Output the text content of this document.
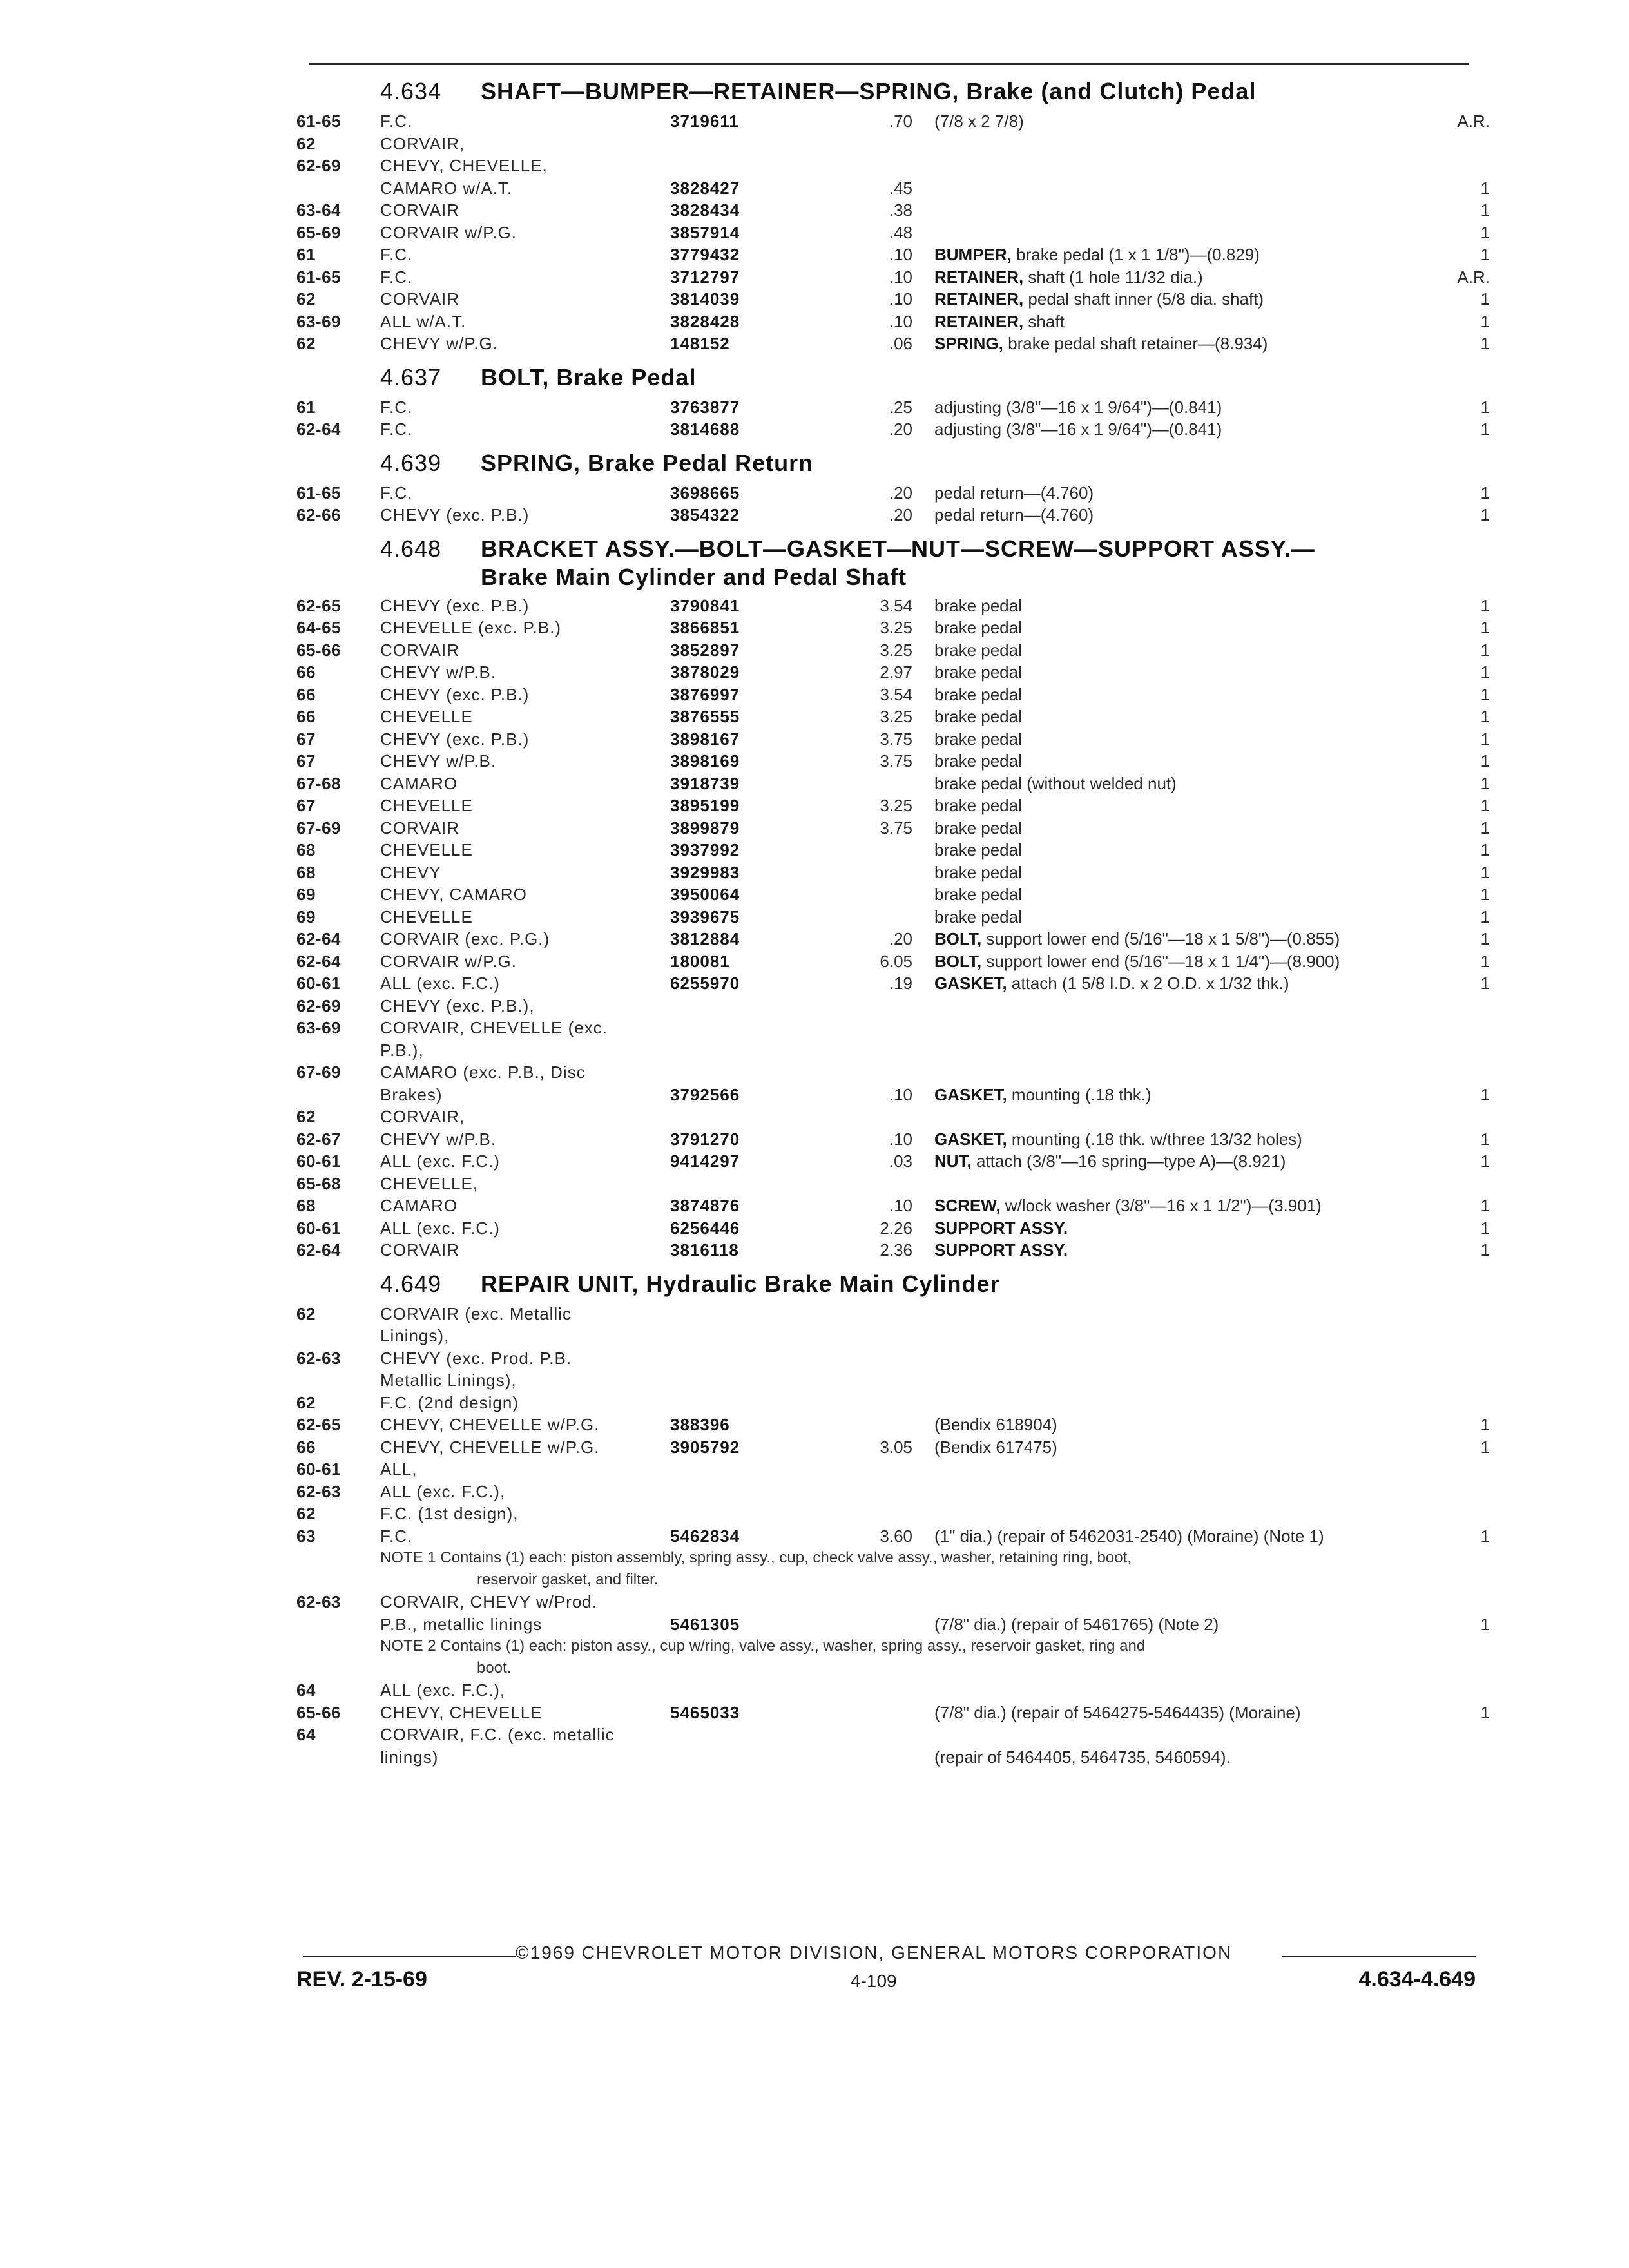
4.634 SHAFT—BUMPER—RETAINER—SPRING, Brake (and Clutch) Pedal
61-65 F.C.	3719611	.70 (7/8 x 2 7/8)	A.R.
62	CORVAIR,
62-69 CHEVY, CHEVELLE,
CAMARO w/A.T.	3828427	.45	1
63-64 CORVAIR	3828434	.38	1
65-69 CORVAIR w/P.G.	3857914	.48	1
61	F.C.	3779432	.10 BUMPER, brake pedal (1 x 1 1/8")—(0.829)	1
61-65 F.C.	3712797	.10 RETAINER, shaft (1 hole 11/32 dia.)	A.R.
62	CORVAIR	3814039	.10 RETAINER, pedal shaft inner (5/8 dia. shaft)	1
63-69 ALL w/A.T.	3828428	.10 RETAINER, shaft	1
62	CHEVY w/P.G.	148152	.06 SPRING, brake pedal shaft retainer—(8.934)	1
4.637 BOLT, Brake Pedal
61	F.C.	3763877	.25 adjusting (3/8"—16 x 1 9/64")—(0.841)	1
62-64 F.C.	3814688	.20 adjusting (3/8"—16 x 1 9/64")—(0.841)	1
4.639 SPRING, Brake Pedal Return
61-65 F.C.	3698665	.20 pedal return—(4.760)	1
62-66 CHEVY (exc. P.B.)	3854322	.20 pedal return—(4.760)	1
4.648 BRACKET ASSY.—BOLT—GASKET—NUT—SCREW—SUPPORT ASSY.—
Brake Main Cylinder and Pedal Shaft
62-65 CHEVY (exc. P.B.)	3790841	3.54 brake pedal	1
64-65 CHEVELLE (exc. P.B.)	3866851	3.25 brake pedal	1
65-66 CORVAIR	3852897	3.25 brake pedal	1
66	CHEVY w/P.B.	3878029	2.97 brake pedal	1
66	CHEVY (exc. P.B.)	3876997	3.54 brake pedal	1
66	CHEVELLE	3876555	3.25 brake pedal	1
67	CHEVY (exc. P.B.)	3898167	3.75 brake pedal	1
67	CHEVY w/P.B.	3898169	3.75 brake pedal	1
67-68 CAMARO	3918739	brake pedal (without welded nut)	1
67	CHEVELLE	3895199	3.25 brake pedal	1
67-69 CORVAIR	3899879	3.75 brake pedal	1
68	CHEVELLE	3937992	brake pedal	1
68	CHEVY	3929983	brake pedal	1
69	CHEVY, CAMARO	3950064	brake pedal	1
69	CHEVELLE	3939675	brake pedal	1
62-64 CORVAIR (exc. P.G.)	3812884	.20 BOLT, support lower end (5/16"—18 x 1 5/8")—(0.855)	1
62-64 CORVAIR w/P.G.	180081	6.05 BOLT, support lower end (5/16"—18 x 1 1/4")—(8.900)	1
60-61 ALL (exc. F.C.)	6255970	.19 GASKET, attach (1 5/8 I.D. x 2 O.D. x 1/32 thk.)	1
62-69 CHEVY (exc. P.B.),
63-69 CORVAIR, CHEVELLE (exc.
P.B.),
67-69 CAMARO (exc. P.B., Disc
Brakes)	3792566	.10 GASKET, mounting (.18 thk.)	1
62	CORVAIR,
62-67 CHEVY w/P.B.	3791270	.10 GASKET, mounting (.18 thk. w/three 13/32 holes)	1
60-61 ALL (exc. F.C.)	9414297	.03 NUT, attach (3/8"—16 spring—type A)—(8.921)	1
65-68 CHEVELLE,
68	CAMARO	3874876	.10 SCREW, w/lock washer (3/8"—16 x 1 1/2")—(3.901)	1
60-61 ALL (exc. F.C.)	6256446	2.26 SUPPORT ASSY.	1
62-64 CORVAIR	3816118	2.36 SUPPORT ASSY.	1
4.649 REPAIR UNIT, Hydraulic Brake Main Cylinder
62	CORVAIR (exc. Metallic
Linings),
62-63 CHEVY (exc. Prod. P.B.
Metallic Linings),
62	F.C. (2nd design)
62-65 CHEVY, CHEVELLE w/P.G.	388396	(Bendix 618904)	1
66	CHEVY, CHEVELLE w/P.G.	3905792	3.05 (Bendix 617475)	1
60-61 ALL,
62-63 ALL (exc. F.C.),
62	F.C. (1st design),
63	F.C.	5462834	3.60 (1" dia.) (repair of 5462031-2540) (Moraine) (Note 1)	1
NOTE 1 Contains (1) each: piston assembly, spring assy., cup, check valve assy., washer, retaining ring, boot,
reservoir gasket, and filter.
62-63 CORVAIR, CHEVY w/Prod.
P.B., metallic linings	5461305	(7/8" dia.) (repair of 5461765) (Note 2)	1
NOTE 2 Contains (1) each: piston assy., cup w/ring, valve assy., washer, spring assy., reservoir gasket, ring and
boot.
64	ALL (exc. F.C.),
65-66 CHEVY, CHEVELLE	5465033	(7/8" dia.) (repair of 5464275-5464435) (Moraine)	1
64	CORVAIR, F.C. (exc. metallic
linings)	(repair of 5464405, 5464735, 5460594).
©1969 CHEVROLET MOTOR DIVISION, GENERAL MOTORS CORPORATION
REV. 2-15-69	4-109	4.634-4.649
